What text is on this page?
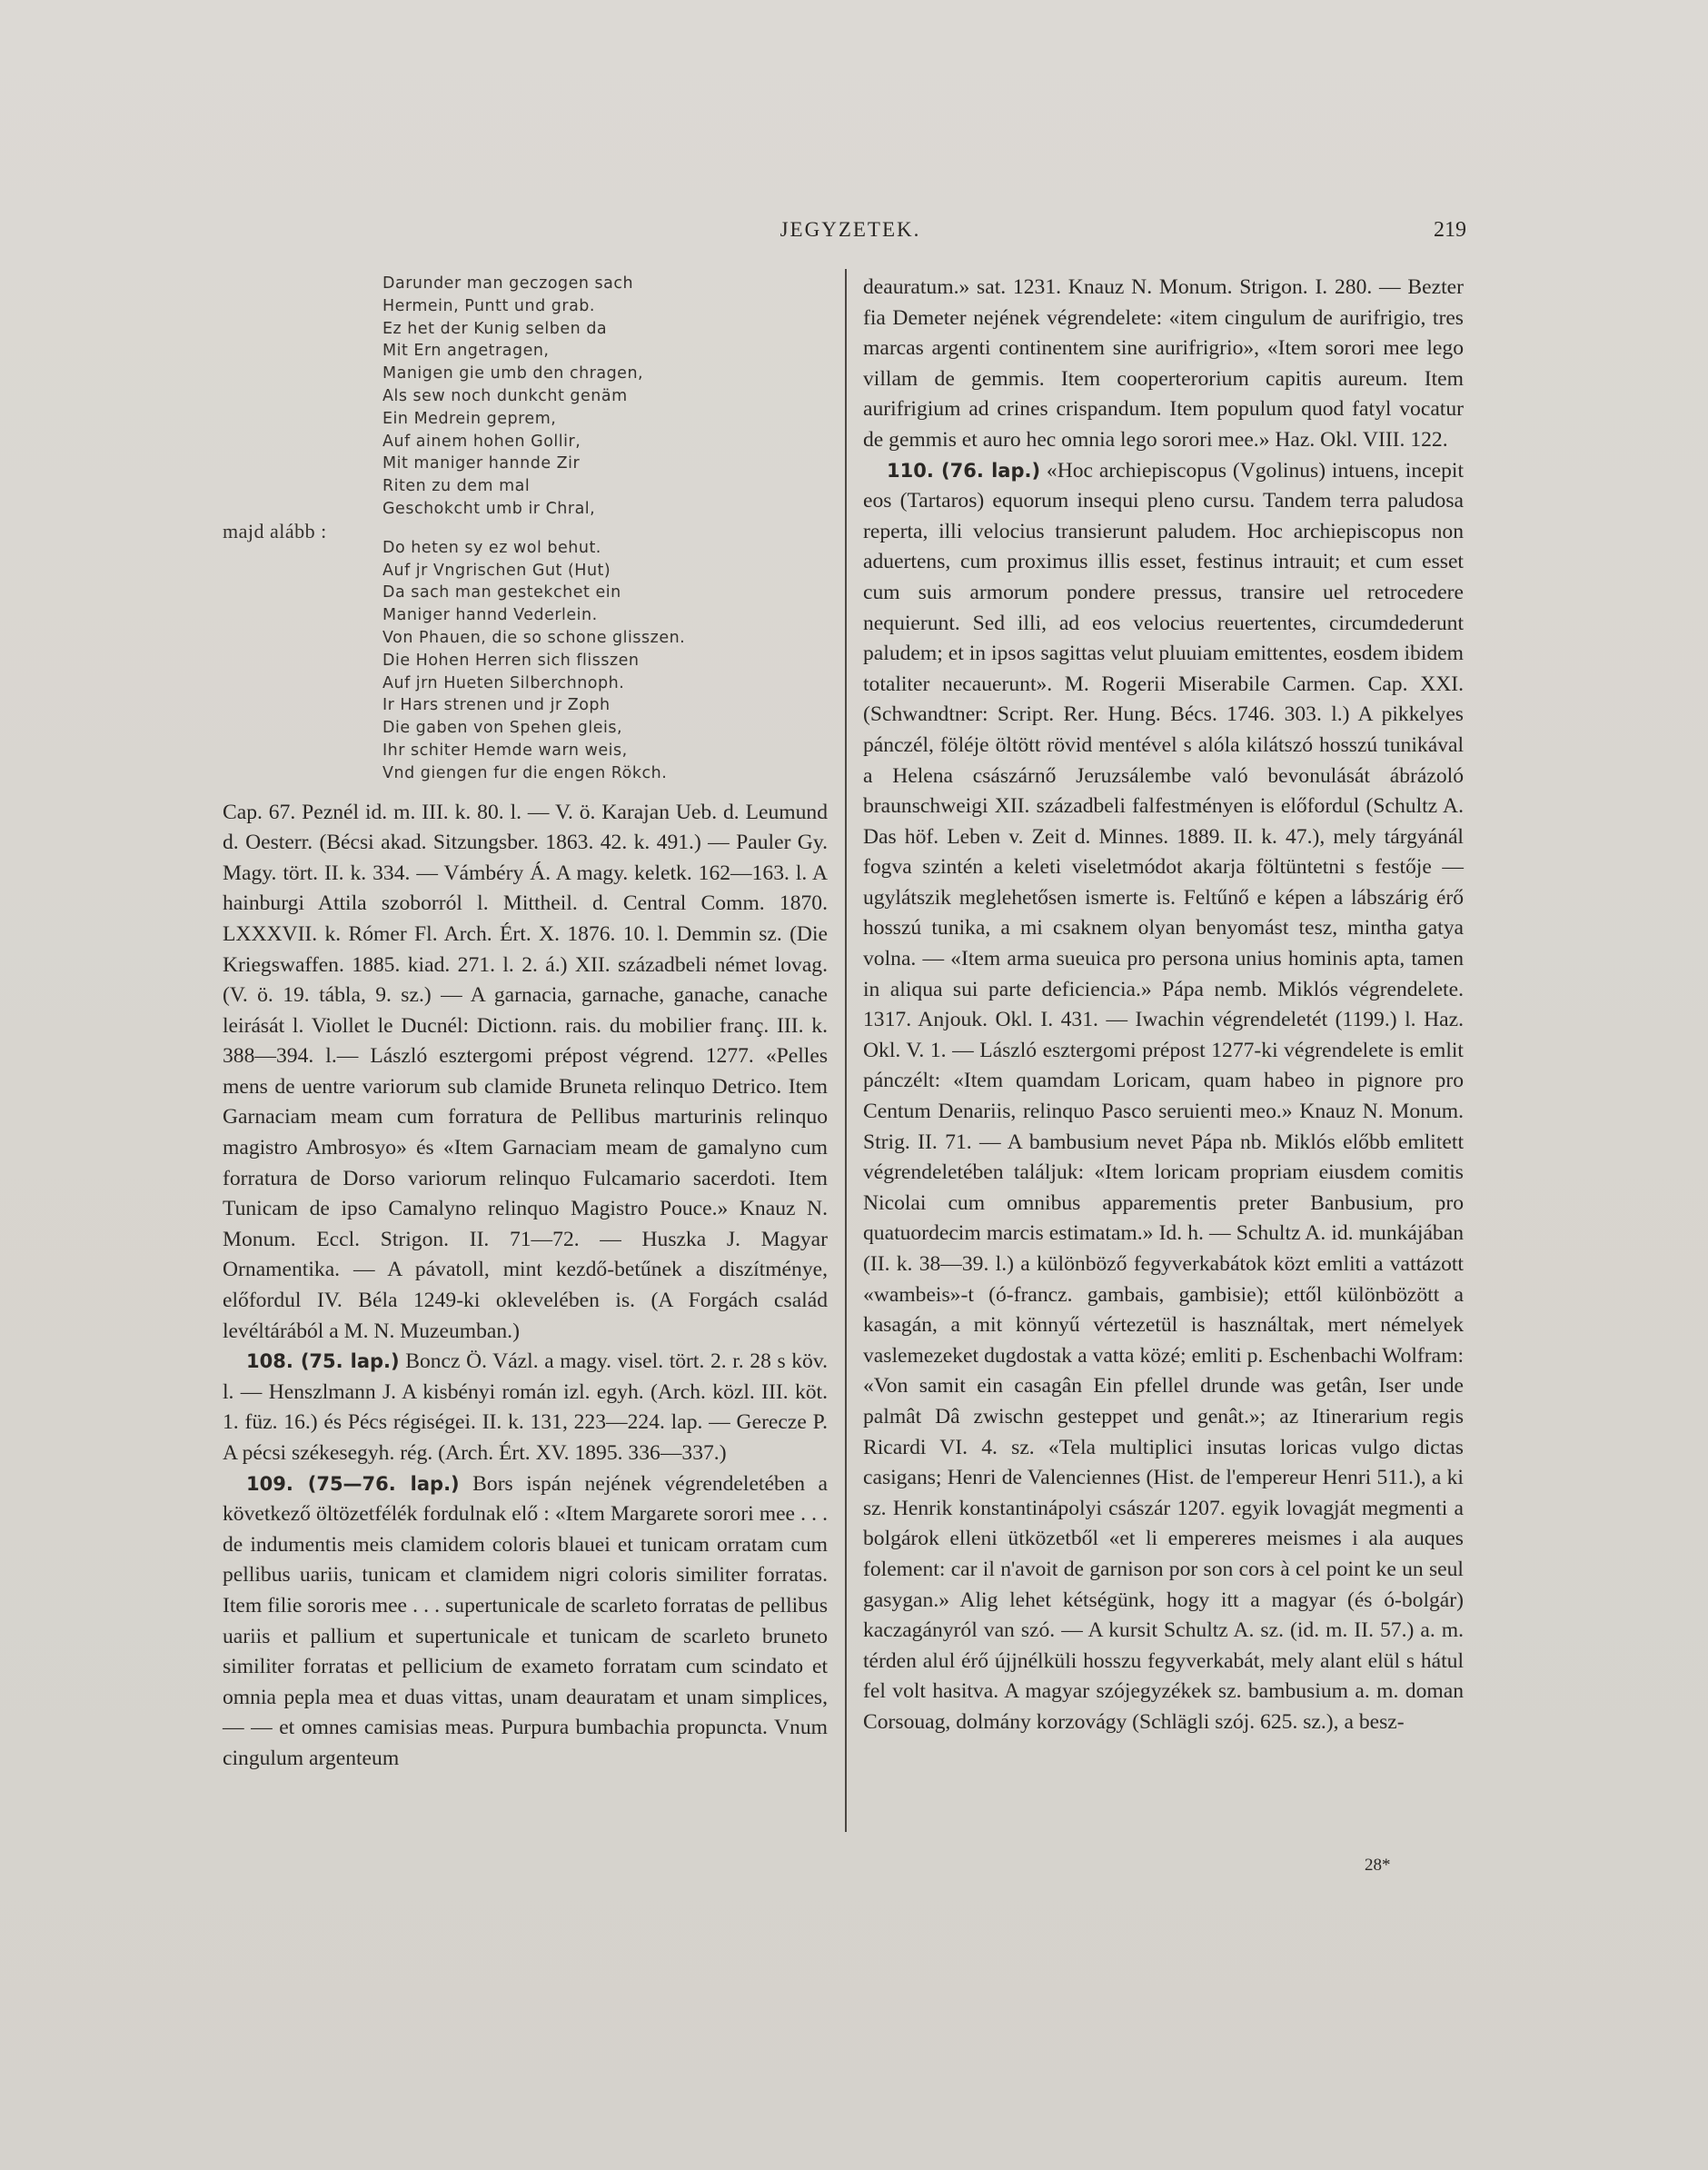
JEGYZETEK.	219
Darunder man geczogen sach
Hermein, Puntt und grab.
Ez het der Kunig selben da
Mit Ern angetragen,
Manigen gie umb den chragen,
Als sew noch dunkcht genäm
Ein Medrein geprem,
Auf ainem hohen Gollir,
Mit maniger hannde Zir
Riten zu dem mal
Geschokcht umb ir Chral,
majd alább :
Do heten sy ez wol behut.
Auf jr Vngrischen Gut (Hut)
Da sach man gestekchet ein
Maniger hannd Vederlein.
Von Phauen, die so schone glisszen.
Die Hohen Herren sich flisszen
Auf jrn Hueten Silberchnoph.
Ir Hars strenen und jr Zoph
Die gaben von Spehen gleis,
Ihr schiter Hemde warn weis,
Vnd giengen fur die engen Rökch.

Cap. 67. Peznél id. m. III. k. 80. l. — V. ö. Karajan Ueb. d. Leumund d. Oesterr. (Bécsi akad. Sitzungsber. 1863. 42. k. 491.) — Pauler Gy. Magy. tört. II. k. 334. — Vámbéry Á. A magy. keletk. 162—163. l. A hainburgi Attila szoborról l. Mittheil. d. Central Comm. 1870. LXXXVII. k. Rómer Fl. Arch. Ért. X. 1876. 10. l. Demmin sz. (Die Kriegswaffen. 1885. kiad. 271. l. 2. á.) XII. századbeli német lovag. (V. ö. 19. tábla, 9. sz.) — A garnacia, garnache, ganache, canache leirását l. Viollet le Ducnél: Dictionn. rais. du mobilier franç. III. k. 388—394. l.— László esztergomi prépost végrend. 1277. «Pelles mens de uentre variorum sub clamide Bruneta relinquo Detrico. Item Garnaciam meam cum forratura de Pellibus marturinis relinquo magistro Ambrosyo» és «Item Garnaciam meam de gamalyno cum forratura de Dorso variorum relinquo Fulcamario sacerdoti. Item Tunicam de ipso Camalyno relinquo Magistro Pouce.» Knauz N. Monum. Eccl. Strigon. II. 71—72. — Huszka J. Magyar Ornamentika. — A pávatoll, mint kezdő-betűnek a diszítménye, előfordul IV. Béla 1249-ki oklevelében is. (A Forgách család levéltárából a M. N. Muzeumban.)

108. (75. lap.) Boncz Ö. Vázl. a magy. visel. tört. 2. r. 28 s köv. l. — Henszlmann J. A kisbényi román izl. egyh. (Arch. közl. III. köt. 1. füz. 16.) és Pécs régiségei. II. k. 131, 223—224. lap. — Gerecze P. A pécsi székesegyh. rég. (Arch. Ért. XV. 1895. 336—337.)

109. (75—76. lap.) Bors ispán nejének végrendeletében a következő öltözetfélék fordulnak elő : «Item Margarete sorori mee . . . de indumentis meis clamidem coloris blauei et tunicam orratam cum pellibus uariis, tunicam et clamidem nigri coloris similiter forratas. Item filie sororis mee . . . supertunicale de scarleto forratas de pellibus uariis et pallium et supertunicale et tunicam de scarleto bruneto similiter forratas et pellicium de exameto forratam cum scindato et omnia pepla mea et duas vittas, unam deauratam et unam simplices, — — et omnes camisias meas. Purpura bumbachia propuncta. Vnum cingulum argenteum

deauratum.» sat. 1231. Knauz N. Monum. Strigon. I. 280. — Bezter fia Demeter nejének végrendelete: «item cingulum de aurifrigio, tres marcas argenti continentem sine aurifrigrio», «Item sorori mee lego villam de gemmis. Item cooperterorium capitis aureum. Item aurifrigium ad crines crispandum. Item populum quod fatyl vocatur de gemmis et auro hec omnia lego sorori mee.» Haz. Okl. VIII. 122.

110. (76. lap.) «Hoc archiepiscopus (Vgolinus) intuens, incepit eos (Tartaros) equorum insequi pleno cursu. Tandem terra paludosa reperta, illi velocius transierunt paludem. Hoc archiepiscopus non aduertens, cum proximus illis esset, festinus intrauit; et cum esset cum suis armorum pondere pressus, transire uel retrocedere nequierunt. Sed illi, ad eos velocius reuertentes, circumdederunt paludem; et in ipsos sagittas velut pluuiam emittentes, eosdem ibidem totaliter necauerunt». M. Rogerii Miserabile Carmen. Cap. XXI. (Schwandtner: Script. Rer. Hung. Bécs. 1746. 303. l.) A pikkelyes pánczél, föléje öltött rövid mentével s alóla kilátszó hosszú tunikával a Helena császárnő Jeruzsálembe való bevonulását ábrázoló braunschweigi XII. századbeli falfestményen is előfordul (Schultz A. Das höf. Leben v. Zeit d. Minnes. 1889. II. k. 47.), mely tárgyánál fogva szintén a keleti viseletmódot akarja föltüntetni s festője — ugylátszik meglehetősen ismerte is. Feltűnő e képen a lábszárig érő hosszú tunika, a mi csaknem olyan benyomást tesz, mintha gatya volna. — «Item arma sueuica pro persona unius hominis apta, tamen in aliqua sui parte deficiencia.» Pápa nemb. Miklós végrendelete. 1317. Anjouk. Okl. I. 431. — Iwachin végrendeletét (1199.) l. Haz. Okl. V. 1. — László esztergomi prépost 1277-ki végrendelete is emlit pánczélt: «Item quamdam Loricam, quam habeo in pignore pro Centum Denariis, relinquo Pasco seruienti meo.» Knauz N. Monum. Strig. II. 71. — A bambusium nevet Pápa nb. Miklós előbb emlitett végrendeletében találjuk: «Item loricam propriam eiusdem comitis Nicolai cum omnibus apparementis preter Banbusium, pro quatuordecim marcis estimatam.» Id. h. — Schultz A. id. munkájában (II. k. 38—39. l.) a különböző fegyverkabátok közt emliti a vattázott «wambeis»-t (ó-francz. gambais, gambisie); ettől különbözött a kasagán, a mit könnyű vértezetül is használtak, mert némelyek vaslemezeket dugdostak a vatta közé; emliti p. Eschenbachi Wolfram: «Von samit ein casagân Ein pfellel drunde was getân, Iser unde palmât Dâ zwischn gesteppet und genât.»; az Itinerarium regis Ricardi VI. 4. sz. «Tela multiplici insutas loricas vulgo dictas casigans; Henri de Valenciennes (Hist. de l'empereur Henri 511.), a ki sz. Henrik konstantinápolyi császár 1207. egyik lovagját megmenti a bolgárok elleni ütközetből «et li empereres meismes i ala auques folement: car il n'avoit de garnison por son cors à cel point ke un seul gasygan.» Alig lehet kétségünk, hogy itt a magyar (és ó-bolgár) kaczagányról van szó. — A kursit Schultz A. sz. (id. m. II. 57.) a. m. térden alul érő újjnélküli hosszu fegyverkabát, mely alant elül s hátul fel volt hasitva. A magyar szójegyzékek sz. bambusium a. m. doman Corsouag, dolmány korzovágy (Schlägli szój. 625. sz.), a besz-

28*
